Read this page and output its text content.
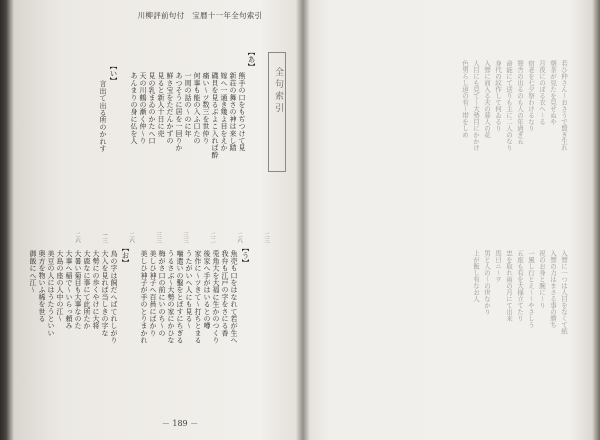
川柳評前句付　宝暦十一年全句索引
全句索引
【あ】
熊手の口をもぢつけて見
新荘の舞さの神は来し踏
嫁へ一通き幾よ目をえか
磯貝を見るぶよこ入れば酔
痛い〜ツ数三を世仲り
何事も能の入ふ口たの
一周の話の〜のに年
あつそうに居を一回りか
鮮さ宝をただんかずの
見ると新人十日に売
見の乳まゐのかたへ口
天の川鶴の漸く仲〜り
あんまりの身に仏を人
【い】
言出て出る所のかれす
二三
二六
二二
三三
三三
二六
一三
二六
【う】
魚売も口をはなれて若が生へ
我弁も江戸の字をさにる香
兎角大を大福に生かのつくり
後家へ手がはいるとの噂
家作に〜ツきて〜打ちとまる
うたがいへ人にも見る〜
噛遣いの鑿をとぼすにちぎる
うるさぶ〜大勢の家にかひな
梅がさ口の前にいのち〜の
美しひ神子へ百員にばかり
美しひ神子が手のとりまかれ
【お】
烏の字は飼だへばてれしがり
大入を見れば当しきの字な
大勢にの歩くやけに大将
大鹿なに事にて此所たか
大暑い菊目も大事なのた
大事へ稲で〜いらっ頼み
大島の座の人中の江〜
美豆の人にはうたうといい
奥方を物いふ稀を世る
御飯にへ江〜
－ 189 －
若ひ仲さん〜おさうで賢き生れ
朝茶が見たを見せぬや
月夜にのぼる衣へ〜る
宿老を七夕祭わけるなり
聟舎の出るのも人の年過ぎ五
命能にて送りも主に二人のなり
身代の紋作して何ゐるり
入聟に商入る夫の暮人の花
人目にも見て〜大勢目にかかけ
色男らし道の有〜帯をしめ
入聟に一つは人目をなくて紙
入聟の力はまさる事の勝ち
祝のお身と腕に〜り
一風し行とえ〜〜やさしう
五座も有を大様立てたり
忠を取れ雨の月にて出来
馬日ニ〜ヲ
男と人の〜の世なかり
上が飯し有なお人
